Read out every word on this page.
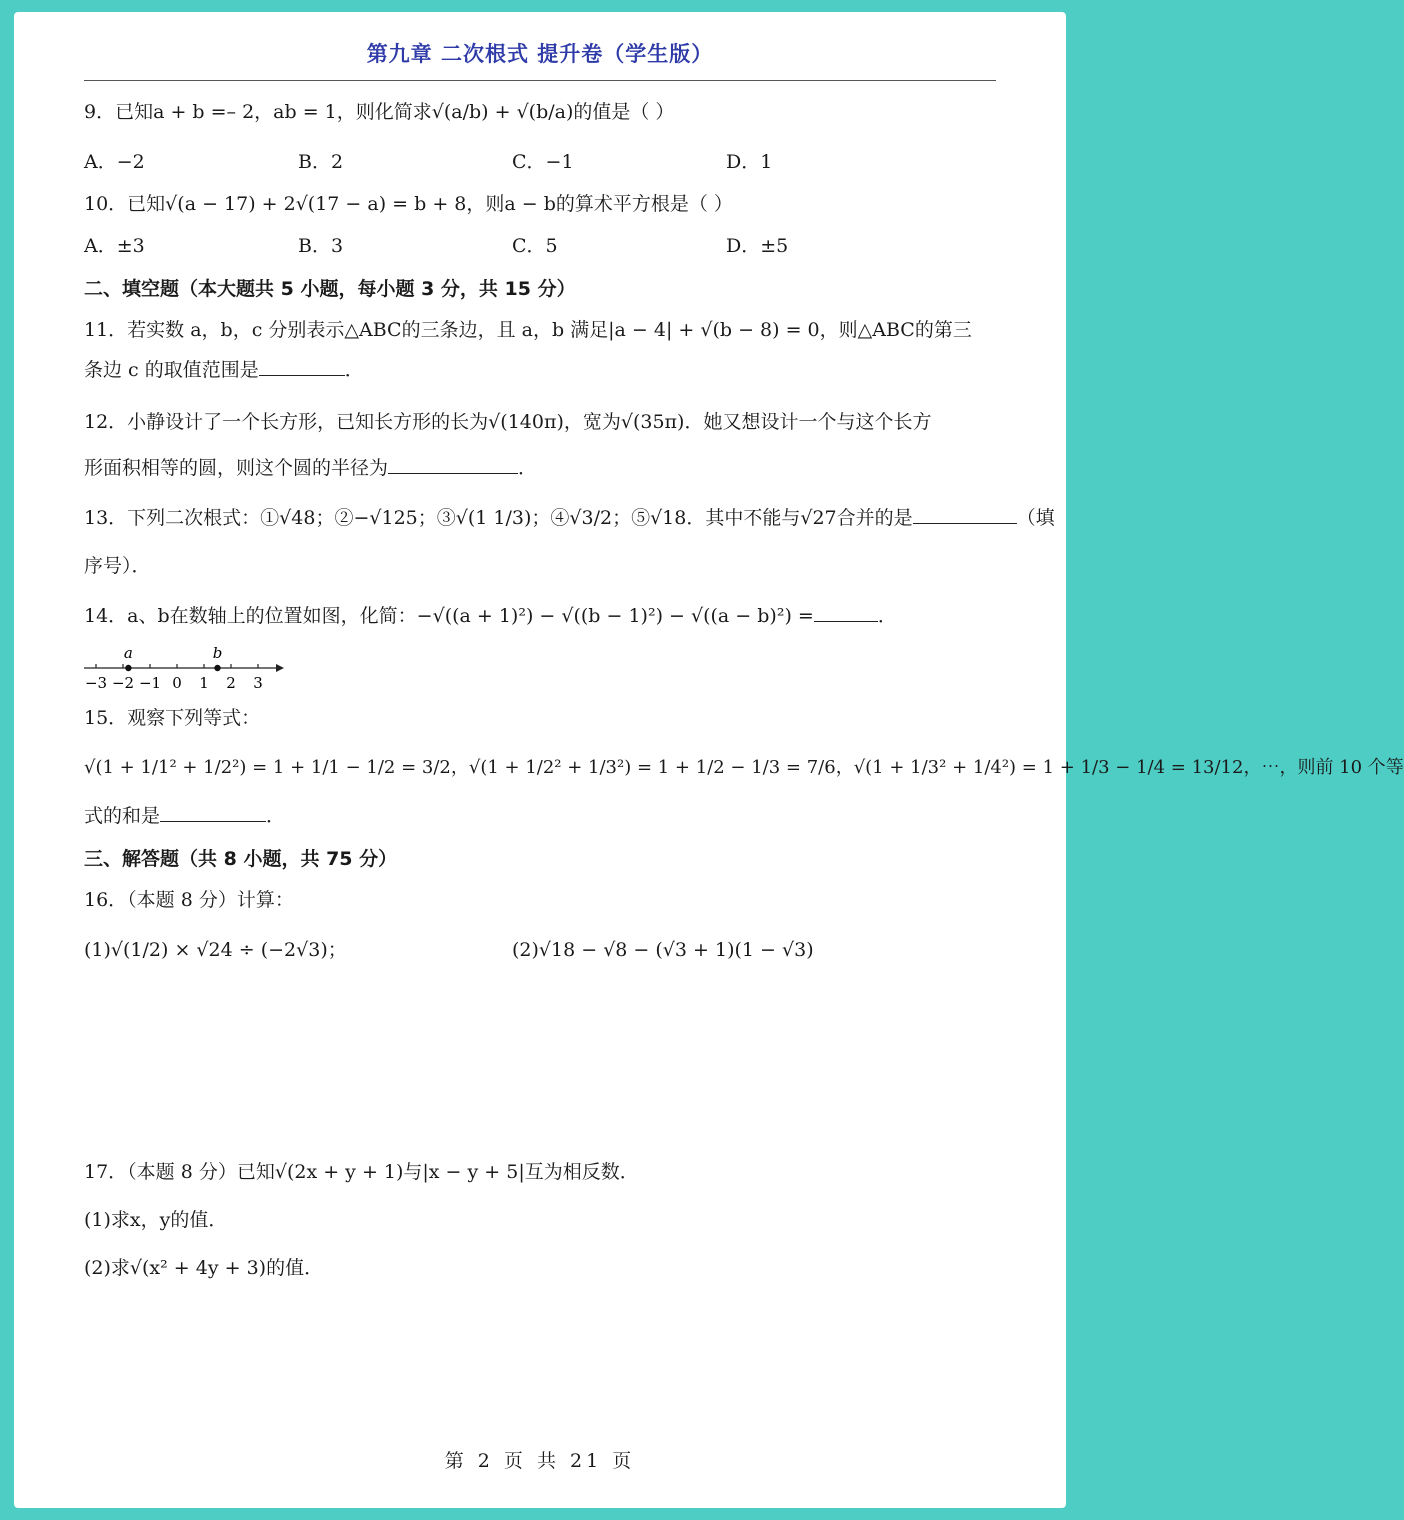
第九章 二次根式 提升卷（学生版）
9．已知a + b =– 2，ab = 1，则化简求√(a/b) + √(b/a)的值是（ ）
A．−2	B．2	C．−1	D．1
10．已知√(a − 17) + 2√(17 − a) = b + 8，则a − b的算术平方根是（ ）
A．±3	B．3	C．5	D．±5
二、填空题（本大题共 5 小题，每小题 3 分，共 15 分）
11．若实数 a，b，c 分别表示△ABC的三条边，且 a，b 满足|a − 4| + √(b − 8) = 0，则△ABC的第三
条边 c 的取值范围是	．
12．小静设计了一个长方形，已知长方形的长为√(140π)，宽为√(35π)．她又想设计一个与这个长方
形面积相等的圆，则这个圆的半径为	．
13．下列二次根式：①√48；②−√125；③√(1 1/3)；④√3/2；⑤√18．其中不能与√27合并的是	（填
序号）．
14．a、b在数轴上的位置如图，化简：−√((a + 1)²) − √((b − 1)²) − √((a − b)²) =	．
−3 −2 −1 0 1 2 3
a	b
15．观察下列等式：
√(1 + 1/1² + 1/2²) = 1 + 1/1 − 1/2 = 3/2，√(1 + 1/2² + 1/3²) = 1 + 1/2 − 1/3 = 7/6，√(1 + 1/3² + 1/4²) = 1 + 1/3 − 1/4 = 13/12，⋯，则前 10 个等
式的和是	．
三、解答题（共 8 小题，共 75 分）
16．（本题 8 分）计算：
(1)√(1/2) × √24 ÷ (−2√3)；	(2)√18 − √8 − (√3 + 1)(1 − √3)
17．（本题 8 分）已知√(2x + y + 1)与|x − y + 5|互为相反数．
(1)求x，y的值．
(2)求√(x² + 4y + 3)的值．
第 2 页 共 21 页
